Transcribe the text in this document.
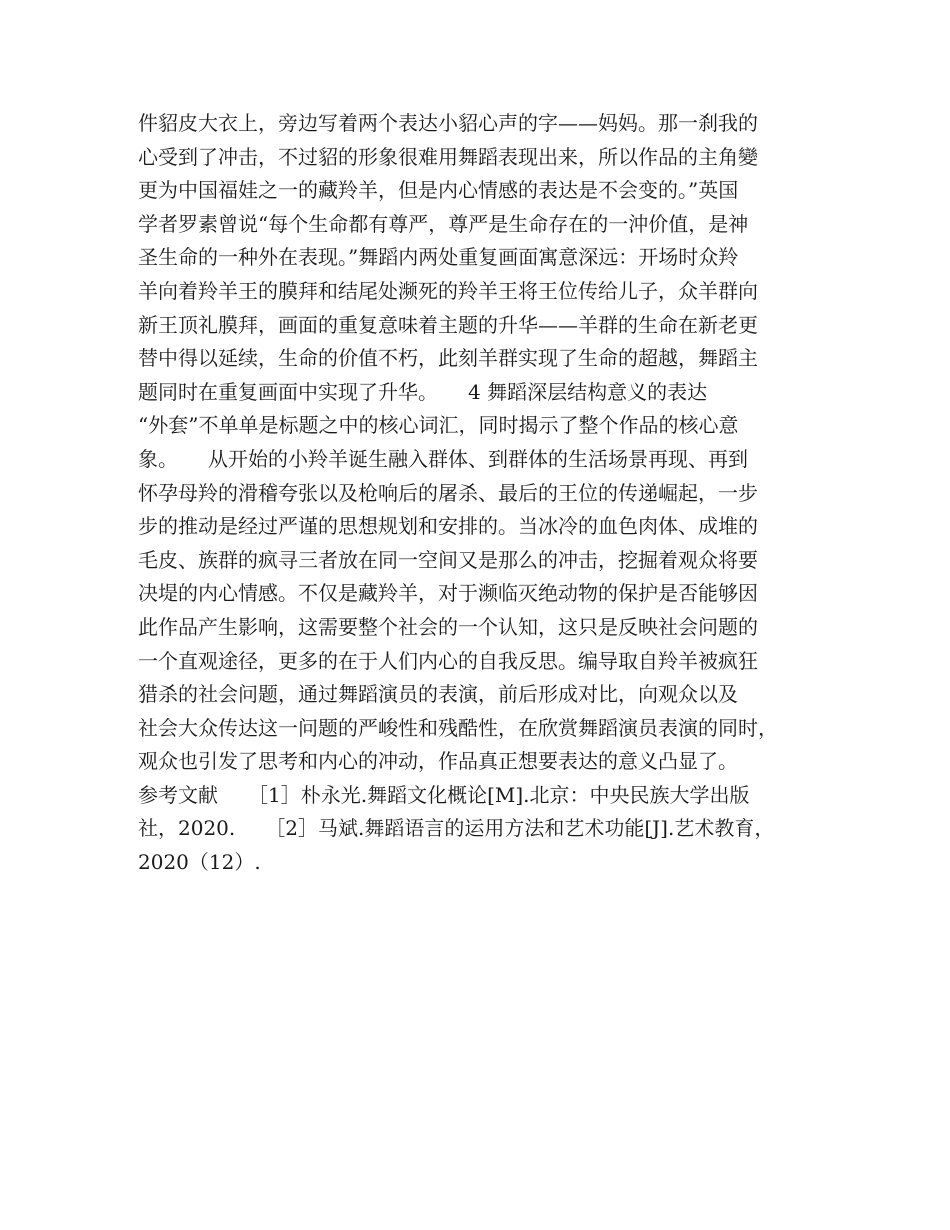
件貂皮大衣上，旁边写着两个表达小貂心声的字——妈妈。那一刹我的
心受到了冲击，不过貂的形象很难用舞蹈表现出来，所以作品的主角變
更为中国福娃之一的藏羚羊，但是内心情感的表达是不会变的。”英国
学者罗素曾说“每个生命都有尊严，尊严是生命存在的一沖价值，是神
圣生命的一种外在表现。”舞蹈内两处重复画面寓意深远：开场时众羚
羊向着羚羊王的膜拜和结尾处濒死的羚羊王将王位传给儿子，众羊群向
新王顶礼膜拜，画面的重复意味着主题的升华——羊群的生命在新老更
替中得以延续，生命的价值不朽，此刻羊群实现了生命的超越，舞蹈主
题同时在重复画面中实现了升华。　　4 舞蹈深层结构意义的表达
“外套”不单单是标题之中的核心词汇，同时揭示了整个作品的核心意
象。　　从开始的小羚羊诞生融入群体、到群体的生活场景再现、再到
怀孕母羚的滑稽夸张以及枪响后的屠杀、最后的王位的传递崛起，一步
步的推动是经过严谨的思想规划和安排的。当冰冷的血色肉体、成堆的
毛皮、族群的疯寻三者放在同一空间又是那么的冲击，挖掘着观众将要
决堤的内心情感。不仅是藏羚羊，对于濒临灭绝动物的保护是否能够因
此作品产生影响，这需要整个社会的一个认知，这只是反映社会问题的
一个直观途径，更多的在于人们内心的自我反思。编导取自羚羊被疯狂
猎杀的社会问题，通过舞蹈演员的表演，前后形成对比，向观众以及
社会大众传达这一问题的严峻性和残酷性，在欣赏舞蹈演员表演的同时，
观众也引发了思考和内心的冲动，作品真正想要表达的意义凸显了。
参考文献　　［1］朴永光.舞蹈文化概论[M].北京：中央民族大学出版
社，2020.　　［2］马斌.舞蹈语言的运用方法和艺术功能[J].艺术教育，
2020（12）.
